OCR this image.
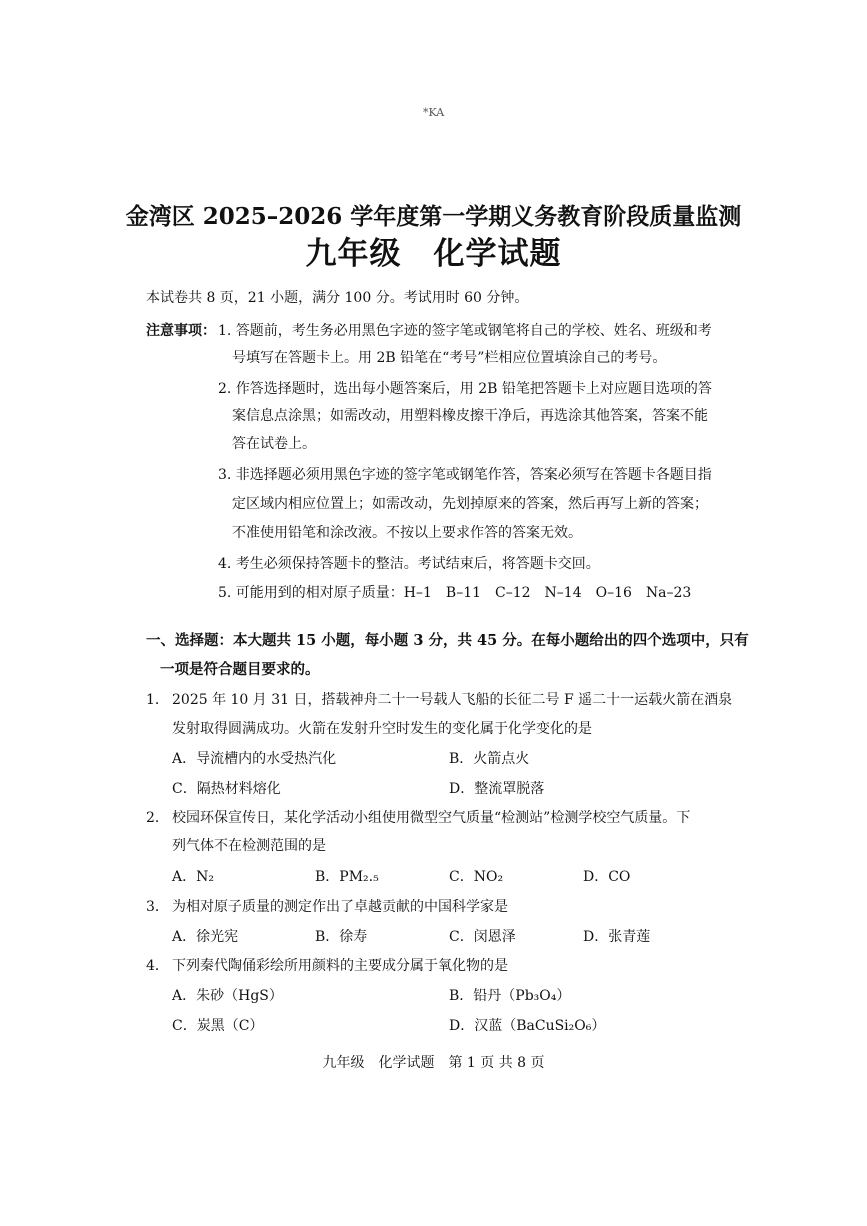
*KA
金湾区 2025–2026 学年度第一学期义务教育阶段质量监测
九年级　化学试题
本试卷共 8 页，21 小题，满分 100 分。考试用时 60 分钟。
注意事项： 1. 答题前，考生务必用黑色字迹的签字笔或钢笔将自己的学校、姓名、班级和考
号填写在答题卡上。用 2B 铅笔在“考号”栏相应位置填涂自己的考号。
2. 作答选择题时，选出每小题答案后，用 2B 铅笔把答题卡上对应题目选项的答
案信息点涂黑；如需改动，用塑料橡皮擦干净后，再选涂其他答案，答案不能
答在试卷上。
3. 非选择题必须用黑色字迹的签字笔或钢笔作答，答案必须写在答题卡各题目指
定区域内相应位置上；如需改动，先划掉原来的答案，然后再写上新的答案；
不准使用铅笔和涂改液。不按以上要求作答的答案无效。
4. 考生必须保持答题卡的整洁。考试结束后，将答题卡交回。
5. 可能用到的相对原子质量：H–1　B–11　C–12　N–14　O–16　Na–23
一、选择题：本大题共 15 小题，每小题 3 分，共 45 分。在每小题给出的四个选项中，只有
一项是符合题目要求的。
1． 2025 年 10 月 31 日，搭载神舟二十一号载人飞船的长征二号 F 遥二十一运载火箭在酒泉
发射取得圆满成功。火箭在发射升空时发生的变化属于化学变化的是
A．导流槽内的水受热汽化	B．火箭点火
C．隔热材料熔化	D．整流罩脱落
2． 校园环保宣传日，某化学活动小组使用微型空气质量“检测站”检测学校空气质量。下
列气体不在检测范围的是
A．N₂	B．PM₂.₅	C．NO₂	D．CO
3． 为相对原子质量的测定作出了卓越贡献的中国科学家是
A．徐光宪	B．徐寿	C．闵恩泽	D．张青莲
4． 下列秦代陶俑彩绘所用颜料的主要成分属于氧化物的是
A．朱砂（HgS）	B．铅丹（Pb₃O₄）
C．炭黑（C）	D．汉蓝（BaCuSi₂O₆）
九年级　化学试题　第 1 页 共 8 页
